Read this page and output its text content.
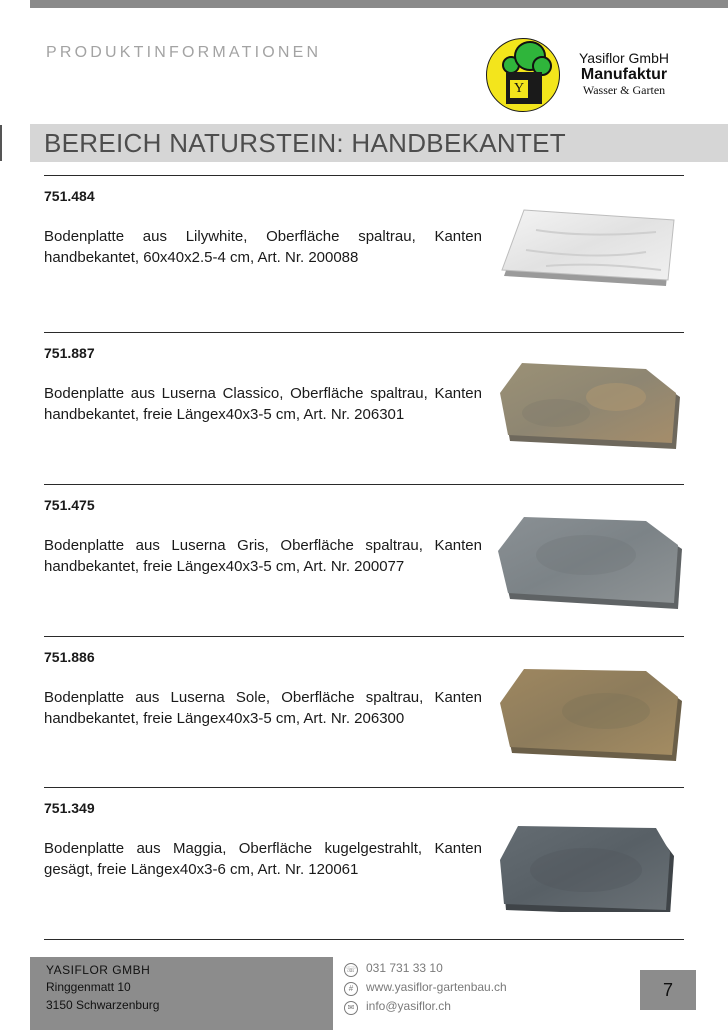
PRODUKTINFORMATIONEN
Y
Yasiflor GmbH
Manufaktur
Wasser & Garten
BEREICH NATURSTEIN: HANDBEKANTET
751.484
Bodenplatte aus Lilywhite, Oberfläche spaltrau, Kanten handbekantet, 60x40x2.5-4 cm, Art. Nr. 200088
751.887
Bodenplatte aus Luserna Classico, Oberfläche spaltrau, Kanten handbekantet, freie Längex40x3-5 cm, Art. Nr. 206301
751.475
Bodenplatte aus Luserna Gris, Oberfläche spaltrau, Kanten handbekantet, freie Längex40x3-5 cm, Art. Nr. 200077
751.886
Bodenplatte aus Luserna Sole, Oberfläche spaltrau, Kanten handbekantet, freie Längex40x3-5 cm, Art. Nr. 206300
751.349
Bodenplatte aus Maggia, Oberfläche kugelgestrahlt, Kanten gesägt, freie Längex40x3-6 cm, Art. Nr. 120061
YASIFLOR GMBH
Ringgenmatt 10
3150 Schwarzenburg
☏ 031 731 33 10
#	www.yasiflor-gartenbau.ch
✉ info@yasiflor.ch
7
